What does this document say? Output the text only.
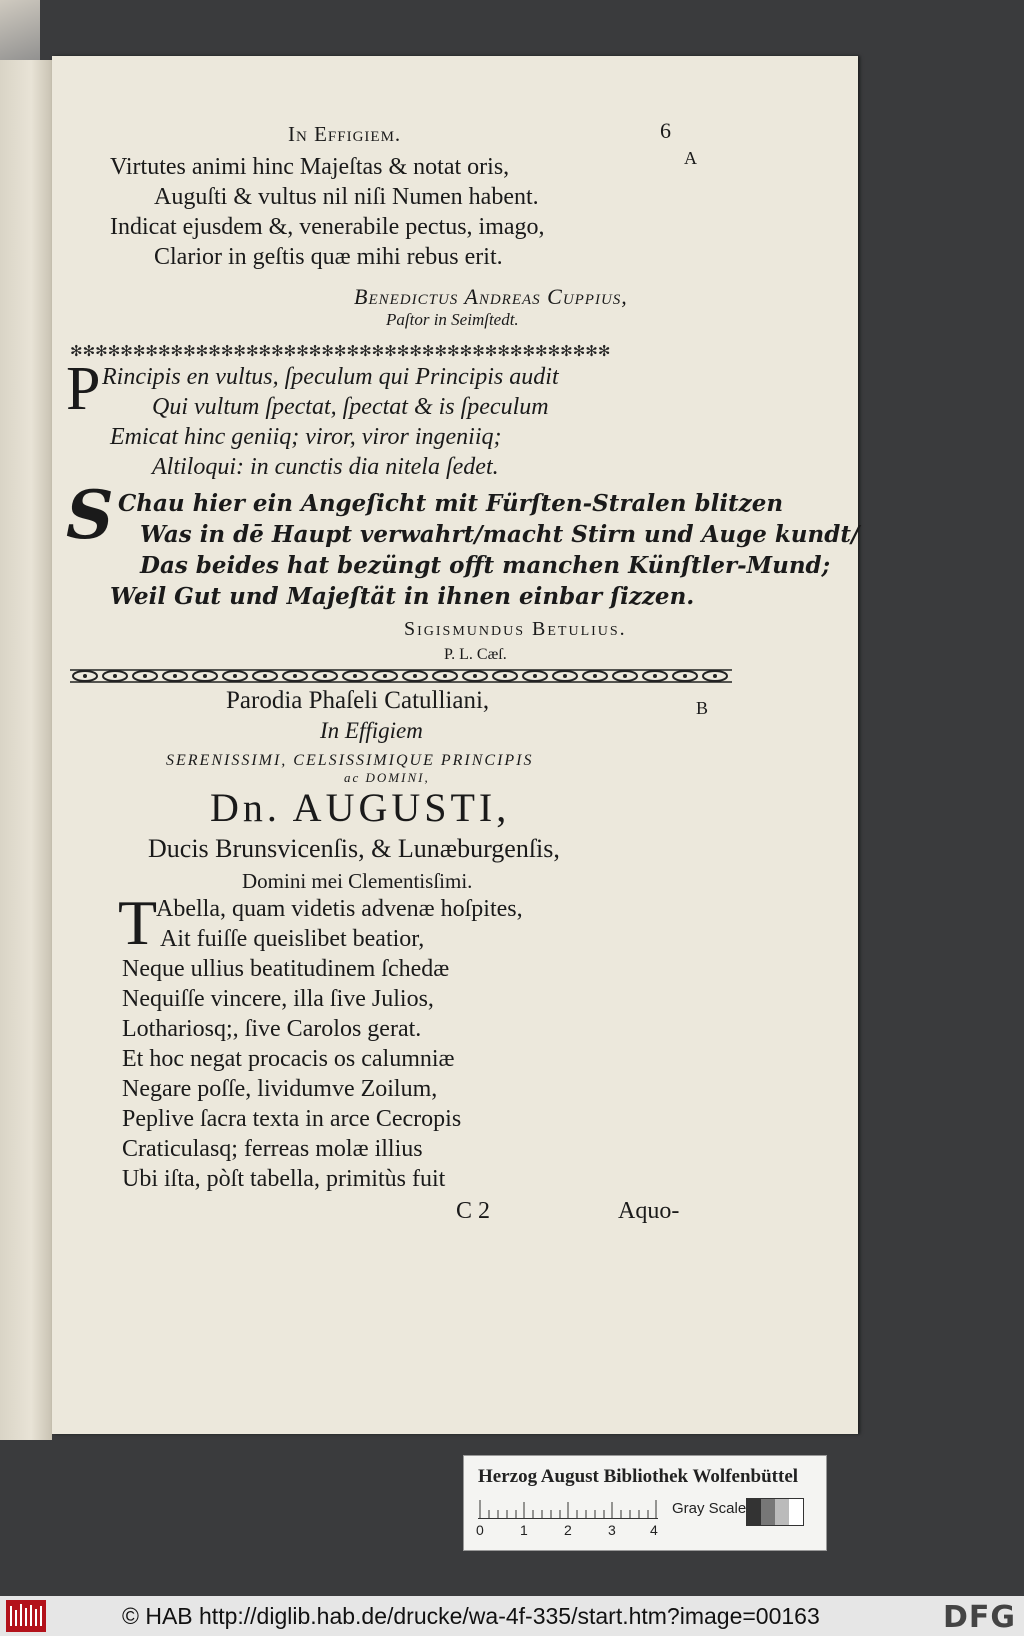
In Effigiem.	6
A
Virtutes animi hinc Majeſtas & notat oris,
Auguſti & vultus nil niſi Numen habent.
Indicat ejusdem &, venerabile pectus, imago,
Clarior in geſtis quæ mihi rebus erit.
Benedictus Andreas Cuppius,
Paſtor in Seimſtedt.
✻✻✻✻✻✻✻✻✻✻✻✻✻✻✻✻✻✻✻✻✻✻✻✻✻✻✻✻✻✻✻✻✻✻✻✻✻✻✻✻✻✻✻
P Rincipis en vultus, ſpeculum qui Principis audit
Qui vultum ſpectat, ſpectat & is ſpeculum
Emicat hinc geniiq; viror, viror ingeniiq;
Altiloqui: in cunctis dia nitela ſedet.
S Chau hier ein Angeſicht mit Fürſten-Stralen blitzen
Was in dē Haupt verwahrt/macht Stirn und Auge kundt/
Das beides hat bezüngt offt manchen Künſtler-Mund;
Weil Gut und Majeſtät in ihnen einbar ſizzen.
Sigismundus Betulius.
P. L. Cæſ.
B
Parodia Phaſeli Catulliani,
In Effigiem
SERENISSIMI, CELSISSIMIQUE PRINCIPIS
ac DOMINI,
Dn. AUGUSTI,
Ducis Brunsvicenſis, & Lunæburgenſis,
Domini mei Clementisſimi.
T
Abella, quam videtis advenæ hoſpites,
Ait fuiſſe queislibet beatior,
Neque ullius beatitudinem ſchedæ
Nequiſſe vincere, illa ſive Julios,
Lothariosq;, ſive Carolos gerat.
Et hoc negat procacis os calumniæ
Negare poſſe, lividumve Zoilum,
Peplive ſacra texta in arce Cecropis
Craticulasq; ferreas molæ illius
Ubi iſta, pòſt tabella, primitùs fuit
C 2	Aquo-
Herzog August Bibliothek Wolfenbüttel
0	1	2	3 4
Gray Scale
© HAB http://diglib.hab.de/drucke/wa-4f-335/start.htm?image=00163	DFG
